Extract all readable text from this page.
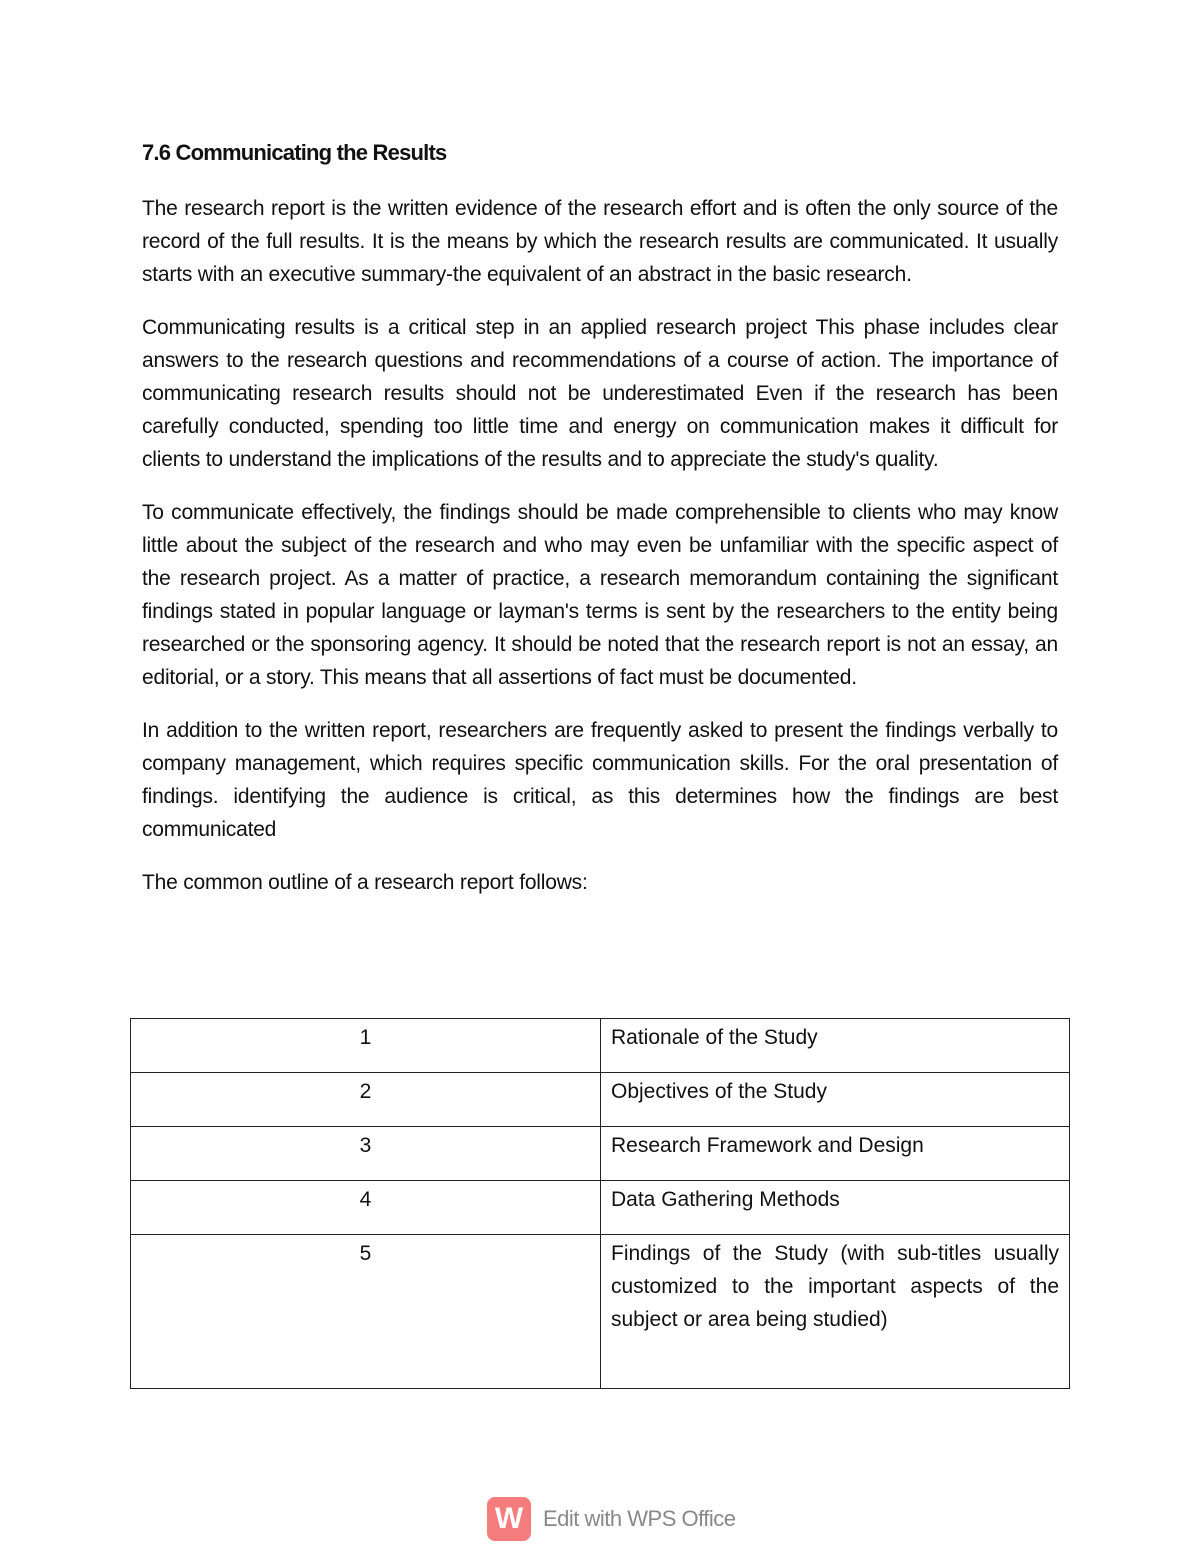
7.6 Communicating the Results

The research report is the written evidence of the research effort and is often the only source of the record of the full results. It is the means by which the research results are communicated. It usually starts with an executive summary-the equivalent of an abstract in the basic research.

Communicating results is a critical step in an applied research project This phase includes clear answers to the research questions and recommendations of a course of action. The importance of communicating research results should not be underestimated Even if the research has been carefully conducted, spending too little time and energy on communication makes it difficult for clients to understand the implications of the results and to appreciate the study's quality.

To communicate effectively, the findings should be made comprehensible to clients who may know little about the subject of the research and who may even be unfamiliar with the specific aspect of the research project. As a matter of practice, a research memorandum containing the significant findings stated in popular language or layman's terms is sent by the researchers to the entity being researched or the sponsoring agency. It should be noted that the research report is not an essay, an editorial, or a story. This means that all assertions of fact must be documented.

In addition to the written report, researchers are frequently asked to present the findings verbally to company management, which requires specific communication skills. For the oral presentation of findings. identifying the audience is critical, as this determines how the findings are best communicated

The common outline of a research report follows:

1	Rationale of the Study
2	Objectives of the Study
3	Research Framework and Design
4	Data Gathering Methods
5	Findings of the Study (with sub-titles usually customized to the important aspects of the subject or area being studied)
W Edit with WPS Office
